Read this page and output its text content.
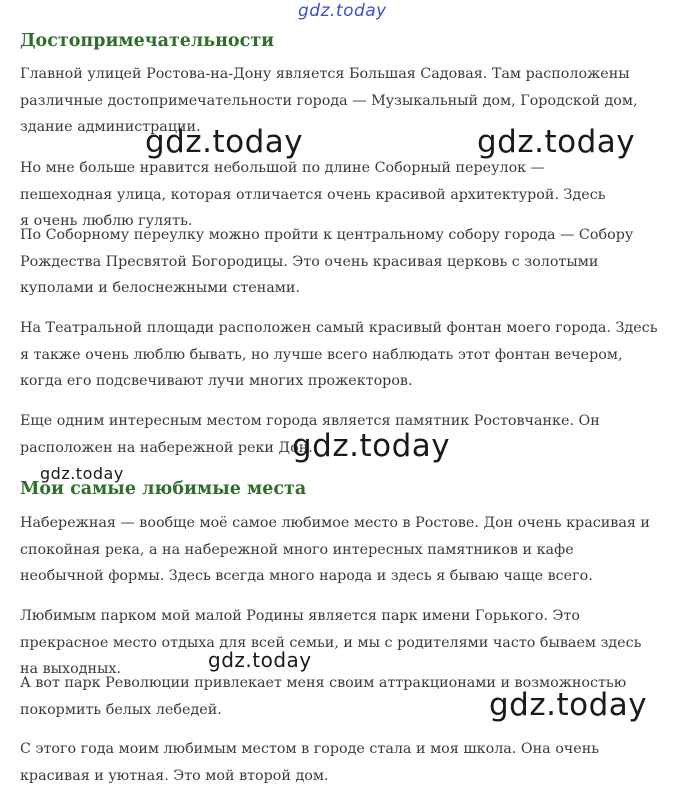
Достопримечательности

Главной улицей Ростова-на-Дону является Большая Садовая. Там расположены различные достопримечательности города — Музыкальный дом, Городской дом, здание администрации.

Но мне больше нравится небольшой по длине Соборный переулок — пешеходная улица, которая отличается очень красивой архитектурой. Здесь я очень люблю гулять.

По Соборному переулку можно пройти к центральному собору города — Собору Рождества Пресвятой Богородицы. Это очень красивая церковь с золотыми куполами и белоснежными стенами.

На Театральной площади расположен самый красивый фонтан моего города. Здесь я также очень люблю бывать, но лучше всего наблюдать этот фонтан вечером, когда его подсвечивают лучи многих прожекторов.

Еще одним интересным местом города является памятник Ростовчанке. Он расположен на набережной реки Дон.

Мои самые любимые места

Набережная — вообще моё самое любимое место в Ростове. Дон очень красивая и спокойная река, а на набережной много интересных памятников и кафе необычной формы. Здесь всегда много народа и здесь я бываю чаще всего.

Любимым парком мой малой Родины является парк имени Горького. Это прекрасное место отдыха для всей семьи, и мы с родителями часто бываем здесь на выходных.

А вот парк Революции привлекает меня своим аттракционами и возможностью покормить белых лебедей.

С этого года моим любимым местом в городе стала и моя школа. Она очень красивая и уютная. Это мой второй дом.

gdz.today
gdz.today	gdz.today
gdz.today
gdz.today
gdz.today
gdz.today
